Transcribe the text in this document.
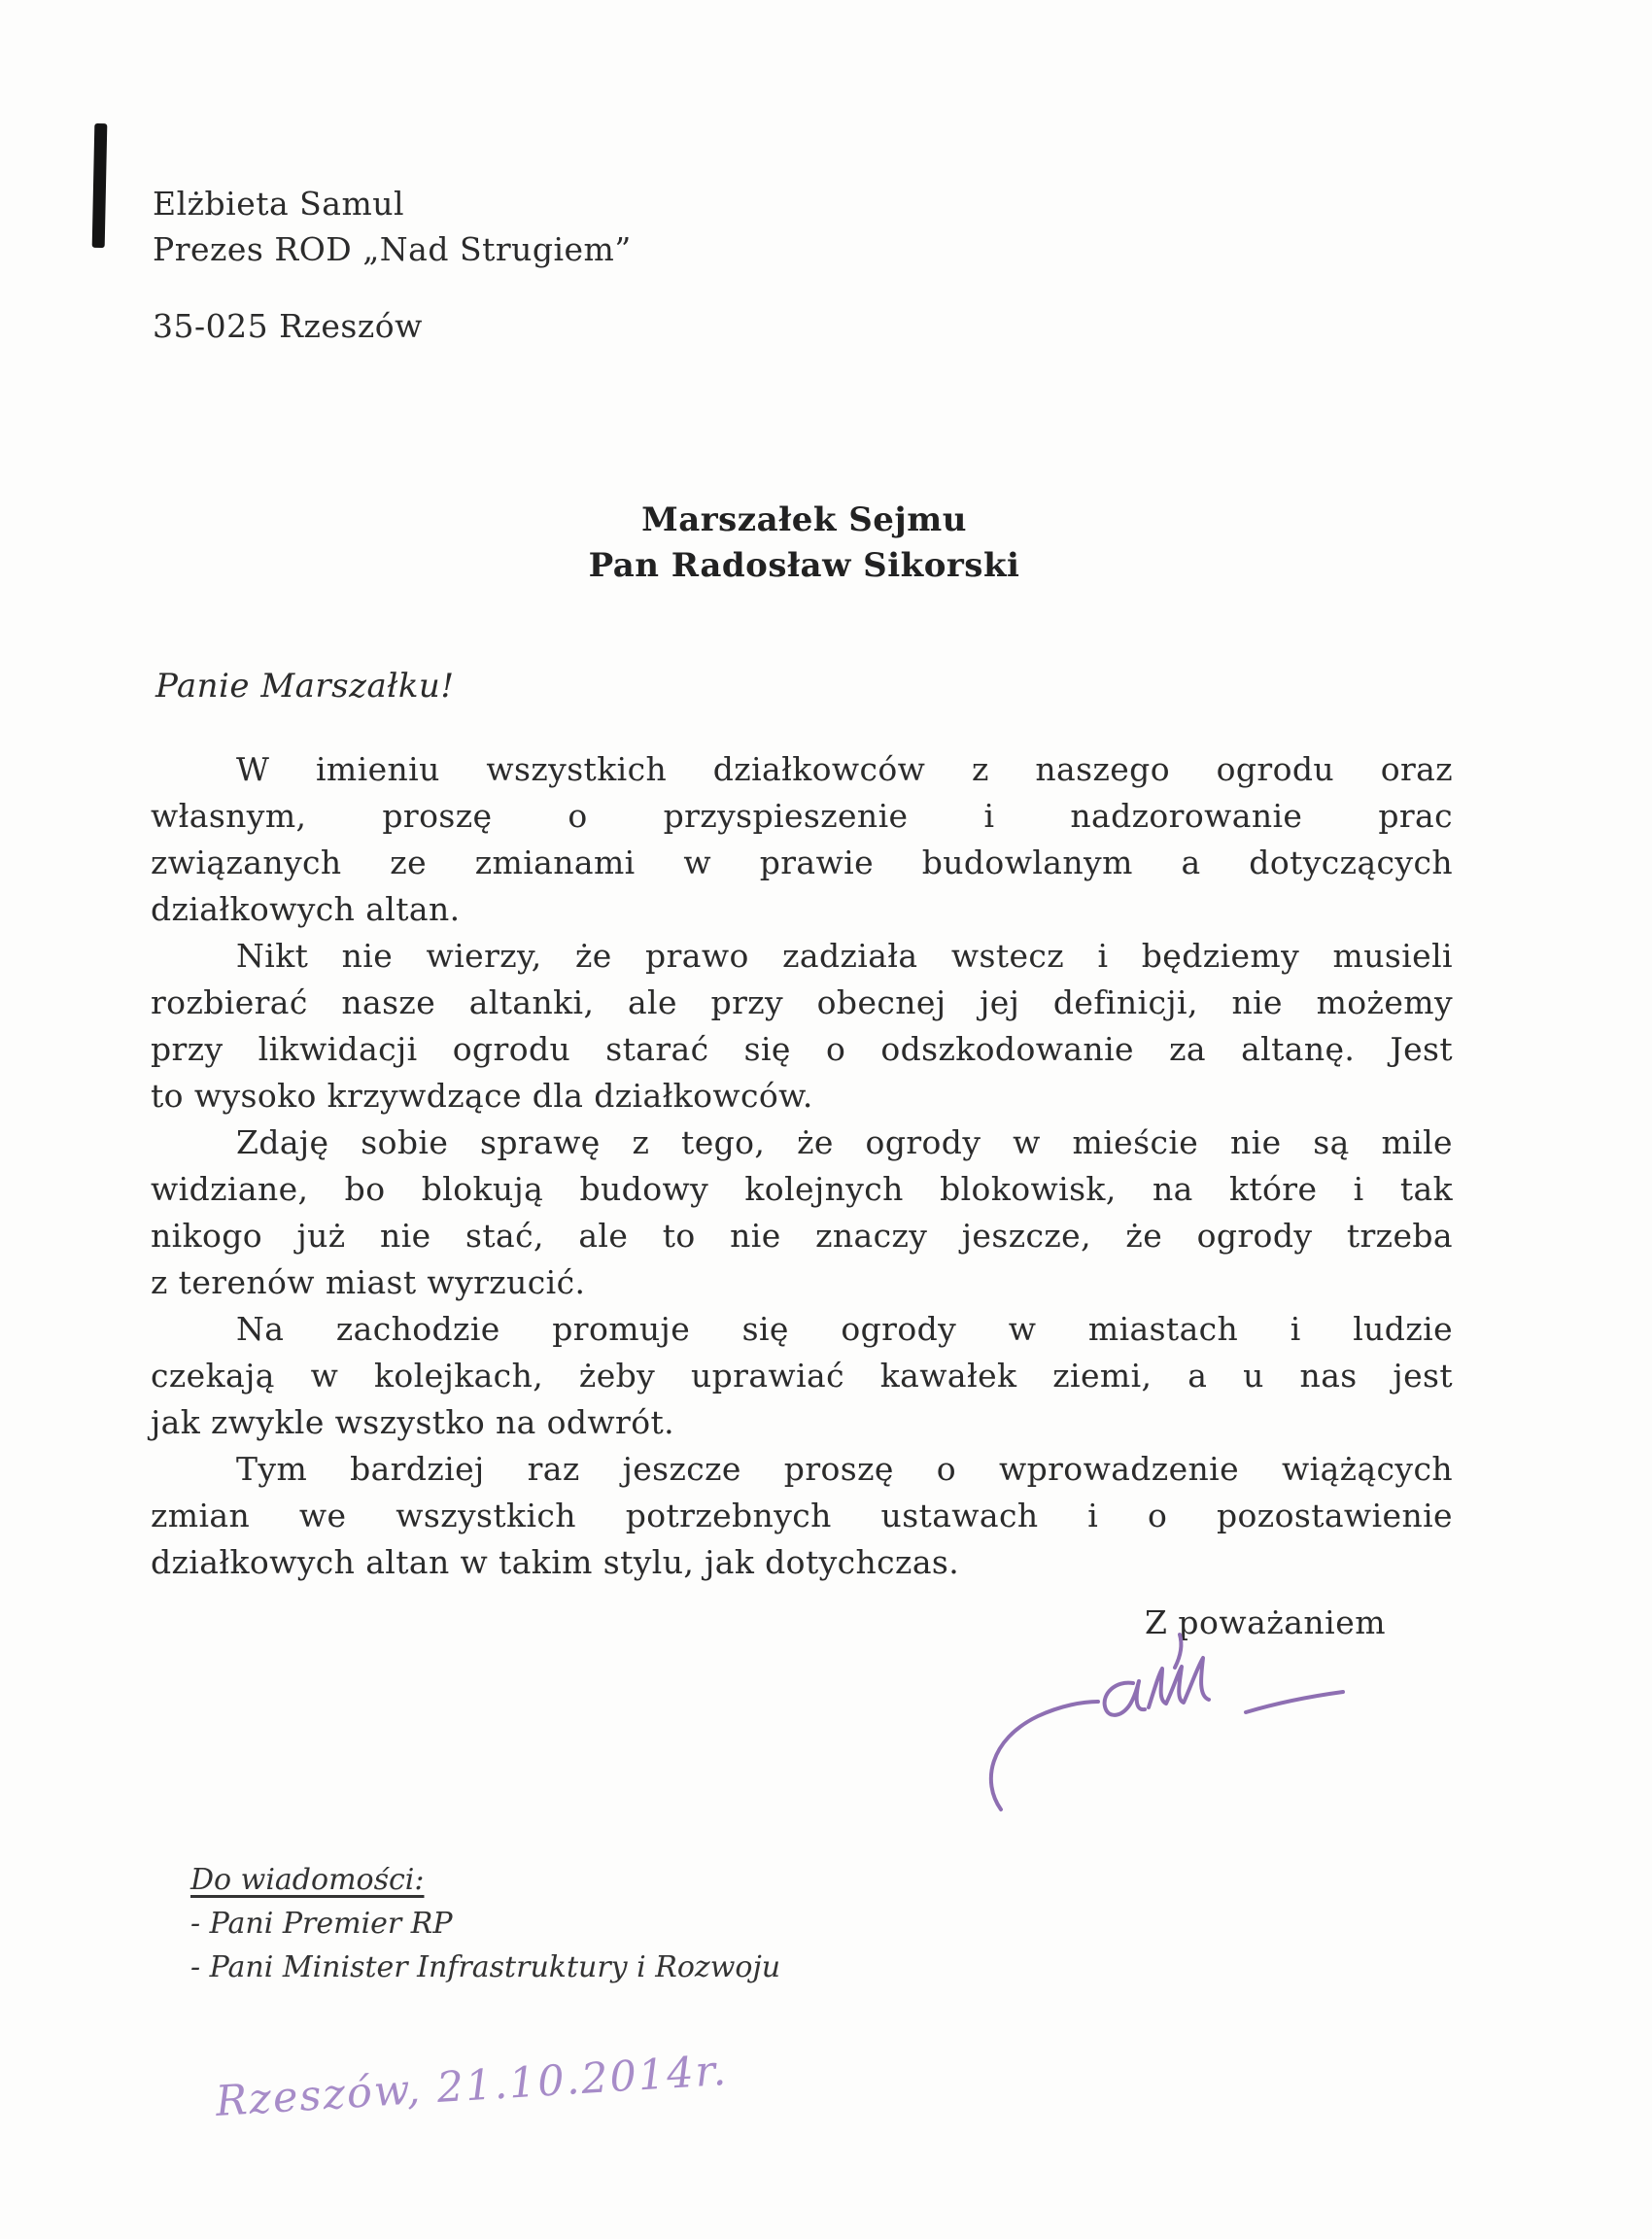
Elżbieta Samul
Prezes ROD „Nad Strugiem”
35-025 Rzeszów
Marszałek Sejmu
Pan Radosław Sikorski
Panie Marszałku!
W imieniu wszystkich działkowców z naszego ogrodu oraz
własnym, proszę o przyspieszenie i nadzorowanie prac
związanych ze zmianami w prawie budowlanym a dotyczących
działkowych altan.
Nikt nie wierzy, że prawo zadziała wstecz i będziemy musieli
rozbierać nasze altanki, ale przy obecnej jej definicji, nie możemy
przy likwidacji ogrodu starać się o odszkodowanie za altanę. Jest
to wysoko krzywdzące dla działkowców.
Zdaję sobie sprawę z tego, że ogrody w mieście nie są mile
widziane, bo blokują budowy kolejnych blokowisk, na które i tak
nikogo już nie stać, ale to nie znaczy jeszcze, że ogrody trzeba
z terenów miast wyrzucić.
Na zachodzie promuje się ogrody w miastach i ludzie
czekają w kolejkach, żeby uprawiać kawałek ziemi, a u nas jest
jak zwykle wszystko na odwrót.
Tym bardziej raz jeszcze proszę o wprowadzenie wiążących
zmian we wszystkich potrzebnych ustawach i o pozostawienie
działkowych altan w takim stylu, jak dotychczas.
Z poważaniem
Do wiadomości:
- Pani Premier RP
- Pani Minister Infrastruktury i Rozwoju
Rzeszów, 21.10.2014r.
